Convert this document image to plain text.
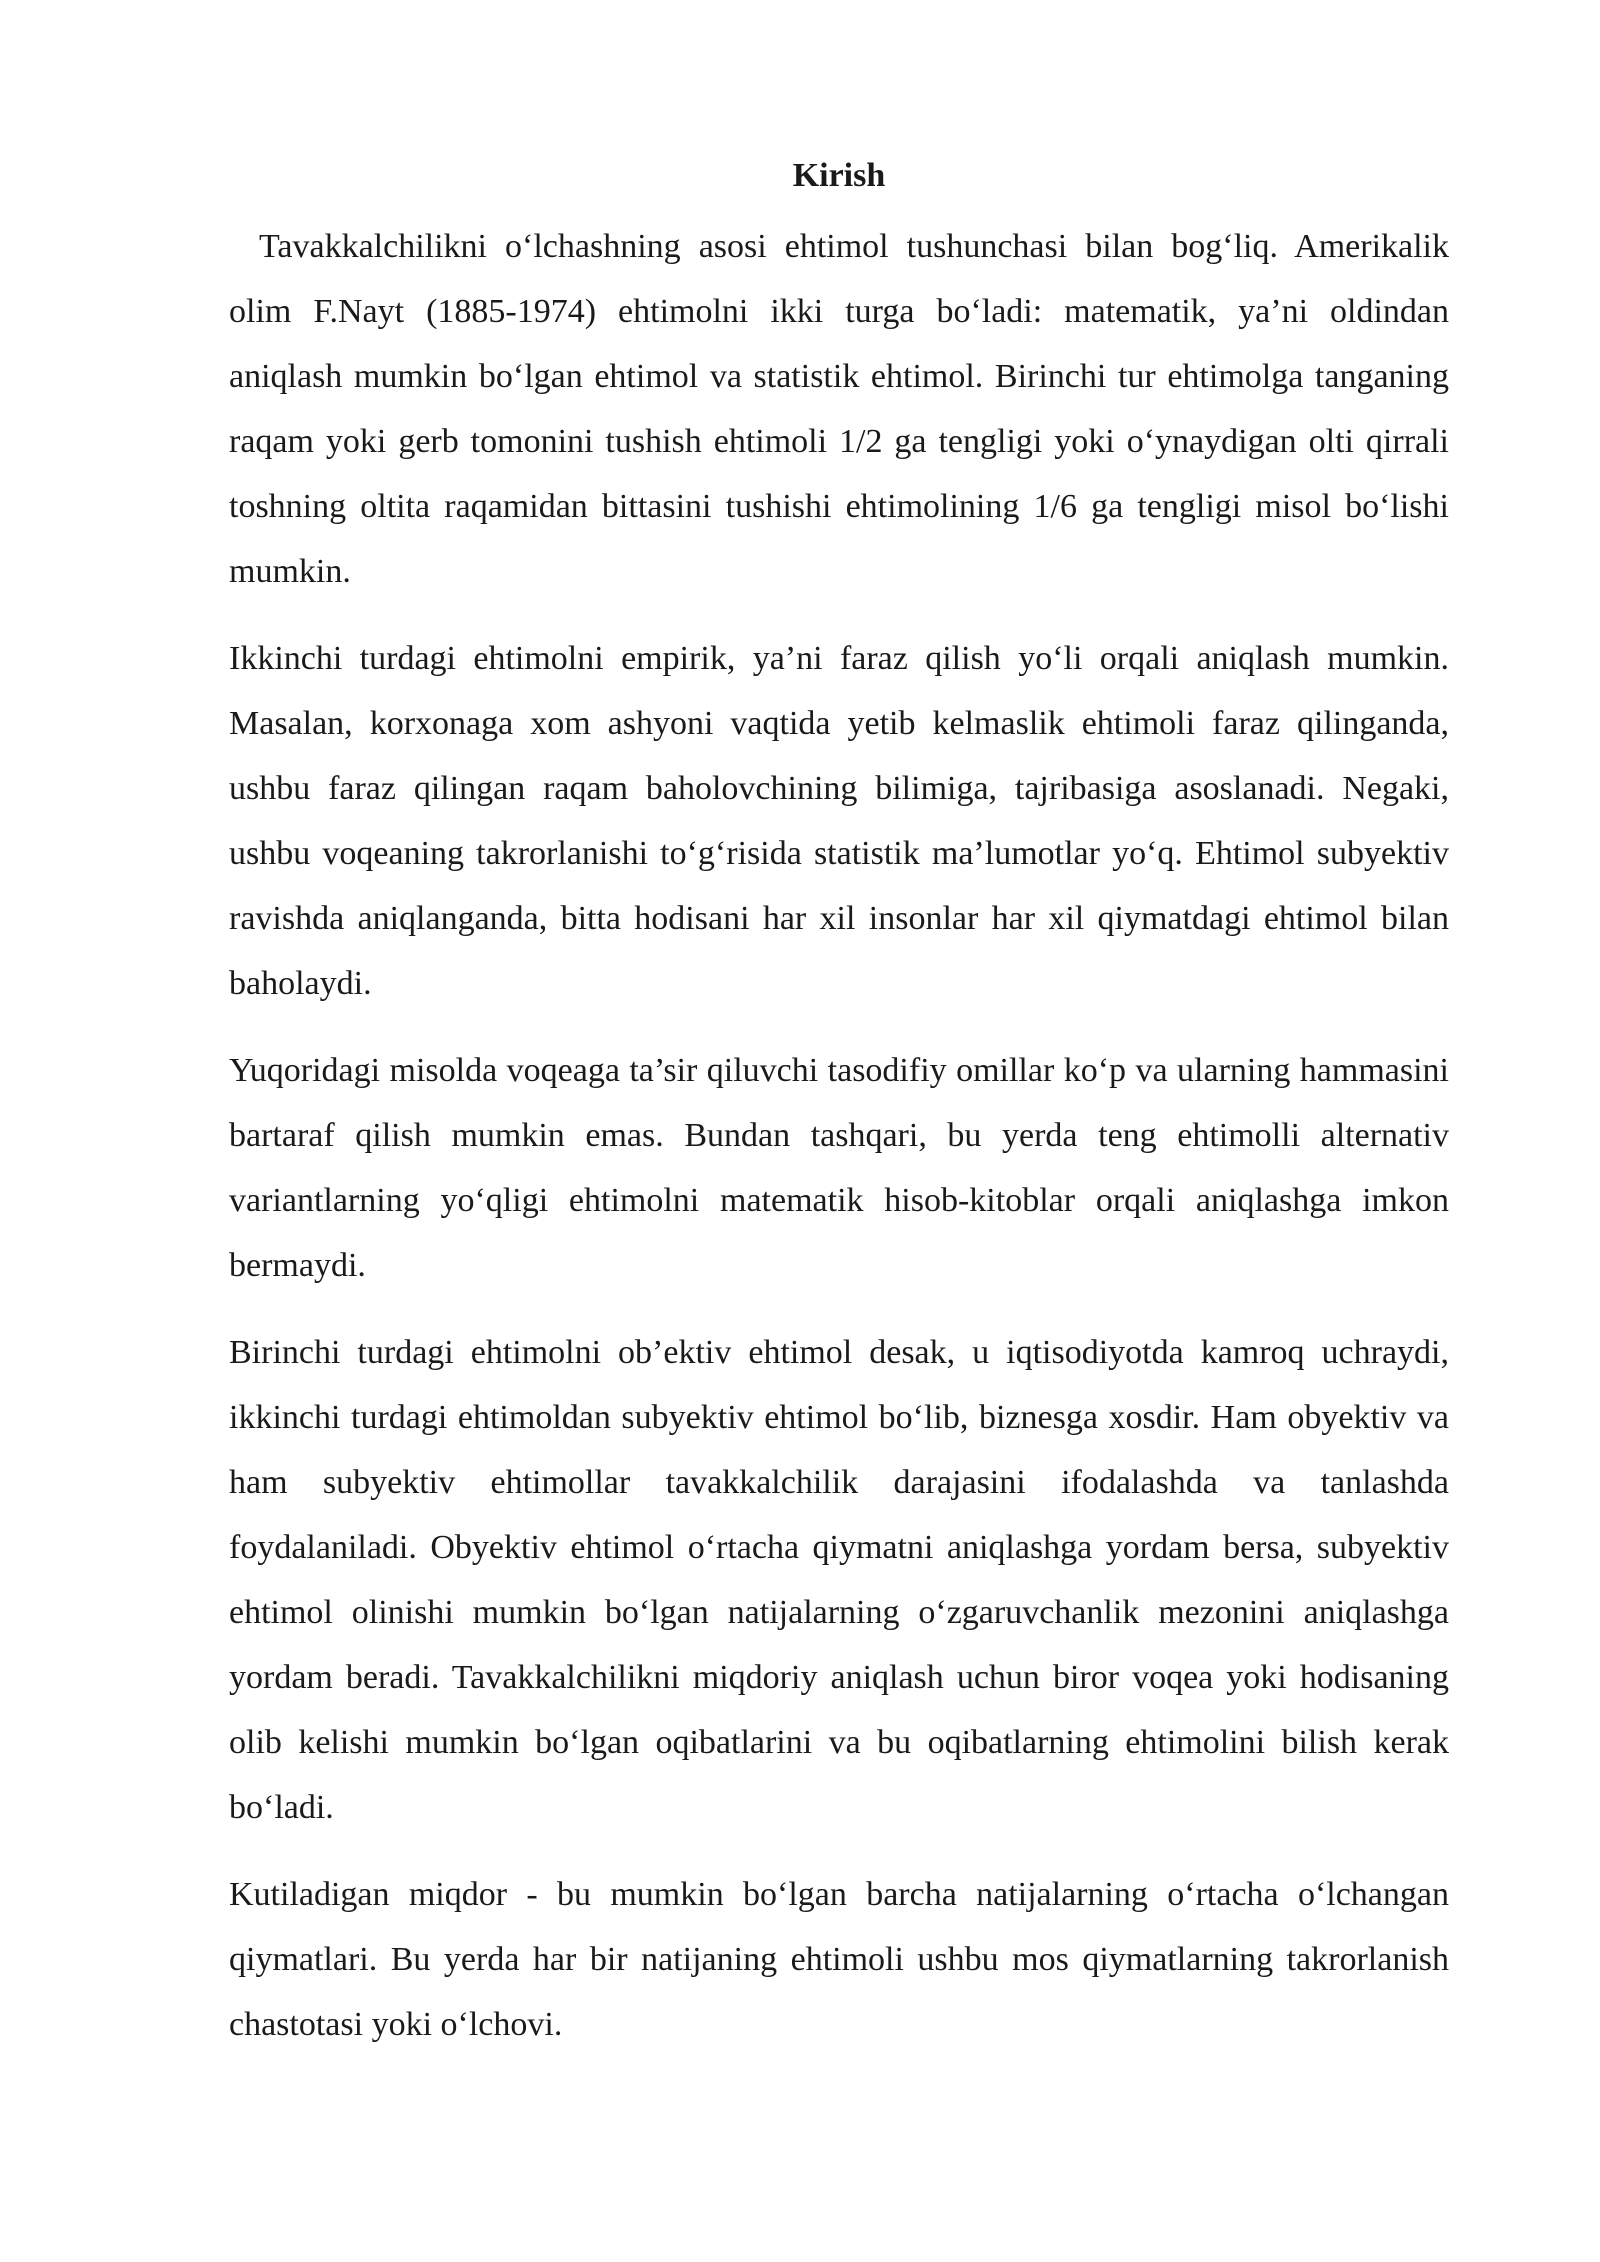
Kirish

Tavakkalchilikni o‘lchashning asosi ehtimol tushunchasi bilan bog‘liq. Amerikalik olim F.Nayt (1885-1974) ehtimolni ikki turga bo‘ladi: matematik, ya’ni oldindan aniqlash mumkin bo‘lgan ehtimol va statistik ehtimol. Birinchi tur ehtimolga tanganing raqam yoki gerb tomonini tushish ehtimoli 1/2 ga tengligi yoki o‘ynaydigan olti qirrali toshning oltita raqamidan bittasini tushishi ehtimolining 1/6 ga tengligi misol bo‘lishi mumkin.

Ikkinchi turdagi ehtimolni empirik, ya’ni faraz qilish yo‘li orqali aniqlash mumkin. Masalan, korxonaga xom ashyoni vaqtida yetib kelmaslik ehtimoli faraz qilinganda, ushbu faraz qilingan raqam baholovchining bilimiga, tajribasiga asoslanadi. Negaki, ushbu voqeaning takrorlanishi to‘g‘risida statistik ma’lumotlar yo‘q. Ehtimol subyektiv ravishda aniqlanganda, bitta hodisani har xil insonlar har xil qiymatdagi ehtimol bilan baholaydi.

Yuqoridagi misolda voqeaga ta’sir qiluvchi tasodifiy omillar ko‘p va ularning hammasini bartaraf qilish mumkin emas. Bundan tashqari, bu yerda teng ehtimolli alternativ variantlarning yo‘qligi ehtimolni matematik hisob-kitoblar orqali aniqlashga imkon bermaydi.

Birinchi turdagi ehtimolni ob’ektiv ehtimol desak, u iqtisodiyotda kamroq uchraydi, ikkinchi turdagi ehtimoldan subyektiv ehtimol bo‘lib, biznesga xosdir. Ham obyektiv va ham subyektiv ehtimollar tavakkalchilik darajasini ifodalashda va tanlashda foydalaniladi. Obyektiv ehtimol o‘rtacha qiymatni aniqlashga yordam bersa, subyektiv ehtimol olinishi mumkin bo‘lgan natijalarning o‘zgaruvchanlik mezonini aniqlashga yordam beradi. Tavakkalchilikni miqdoriy aniqlash uchun biror voqea yoki hodisaning olib kelishi mumkin bo‘lgan oqibatlarini va bu oqibatlarning ehtimolini bilish kerak bo‘ladi.

Kutiladigan miqdor - bu mumkin bo‘lgan barcha natijalarning o‘rtacha o‘lchangan qiymatlari. Bu yerda har bir natijaning ehtimoli ushbu mos qiymatlarning takrorlanish chastotasi yoki o‘lchovi.
